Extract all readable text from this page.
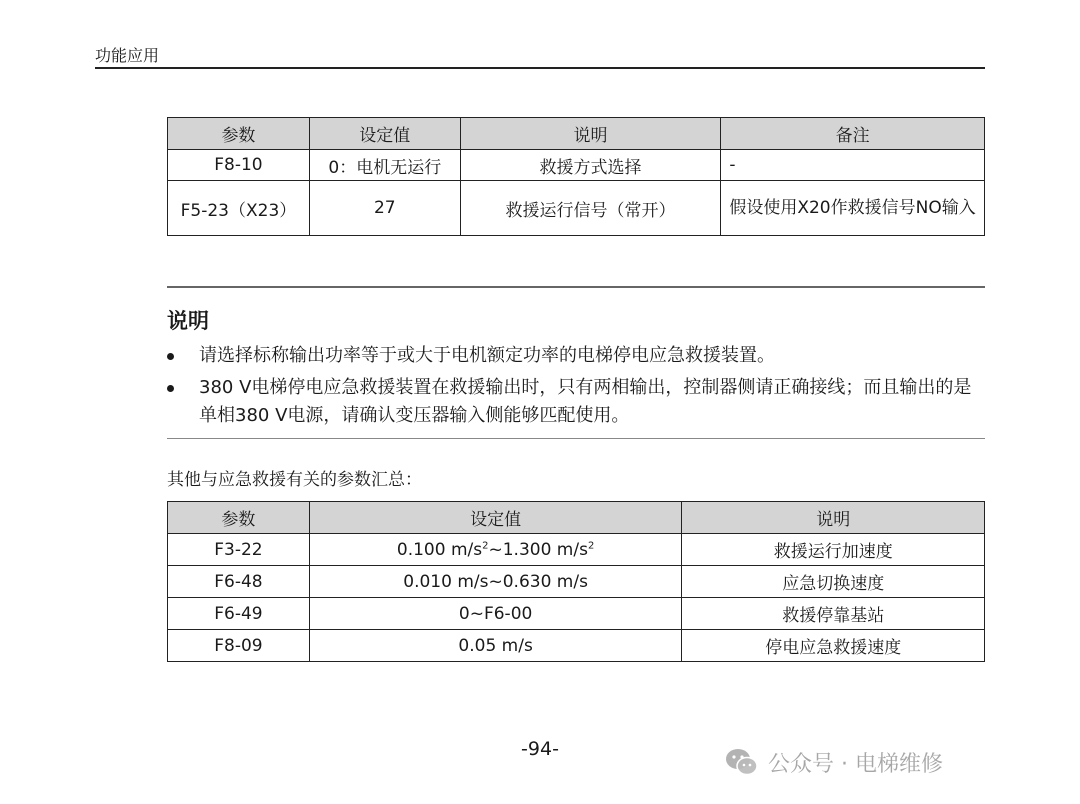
功能应用
参数	设定值	说明	备注
F8-10	0：电机无运行	救援方式选择	-
F5-23（X23）	27	救援运行信号（常开）	假设使用X20作救援信号NO输入
说明
请选择标称输出功率等于或大于电机额定功率的电梯停电应急救援装置。
380 V电梯停电应急救援装置在救援输出时，只有两相输出，控制器侧请正确接线；而且输出的是单相380 V电源，请确认变压器输入侧能够匹配使用。
其他与应急救援有关的参数汇总：
参数	设定值	说明
F3-22	0.100 $m/s^2\sim 1.300$ $m/s^2$	救援运行加速度
F6-48	0.010 m/s~0.630 m/s	应急切换速度
F6-49	0~F6-00	救援停靠基站
F8-09	0.05 m/s	停电应急救援速度
-94-
公众号 · 电梯维修
